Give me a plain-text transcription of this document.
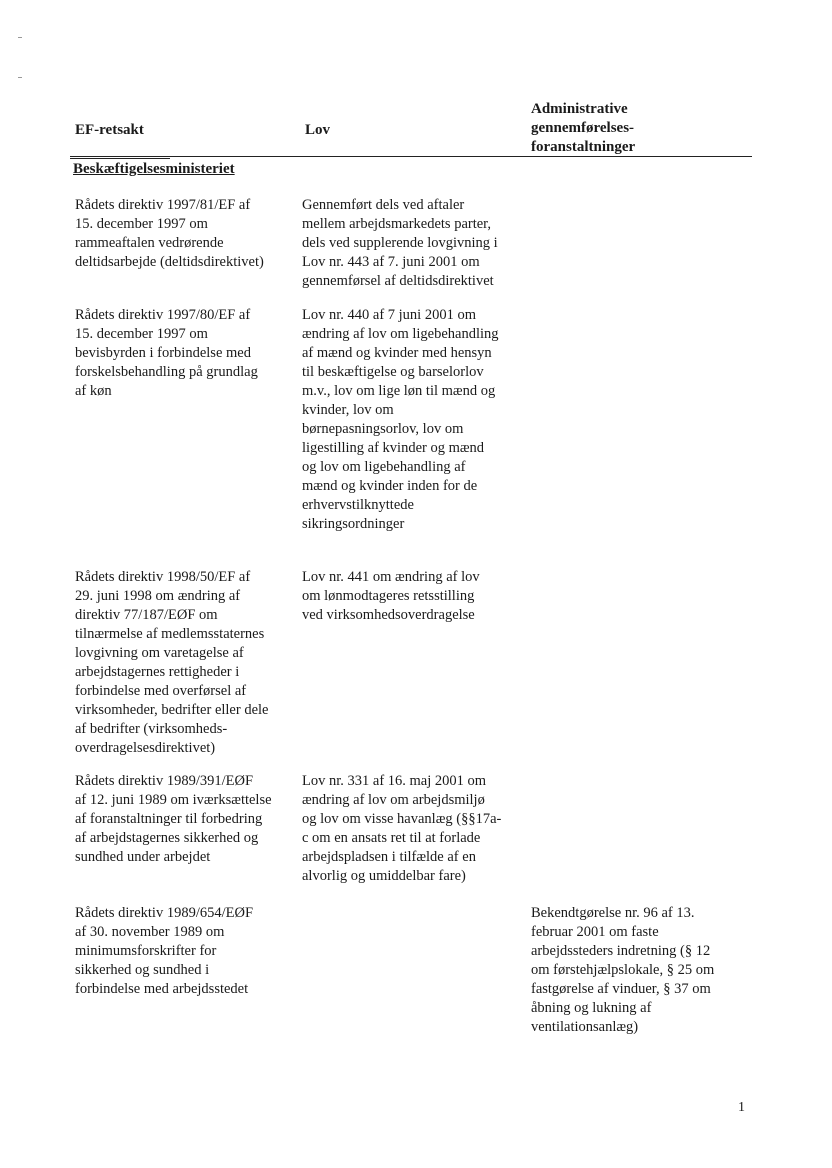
EF-retsakt	Lov
Administrative
gennemførelses-
foranstaltninger
Beskæftigelsesministeriet
Rådets direktiv 1997/81/EF af
15. december 1997 om
rammeaftalen vedrørende
deltidsarbejde (deltidsdirektivet)
Gennemført dels ved aftaler
mellem arbejdsmarkedets parter,
dels ved supplerende lovgivning i
Lov nr. 443 af 7. juni 2001 om
gennemførsel af deltidsdirektivet
Rådets direktiv 1997/80/EF af
15. december 1997 om
bevisbyrden i forbindelse med
forskelsbehandling på grundlag
af køn
Lov nr. 440 af 7 juni 2001 om
ændring af lov om ligebehandling
af mænd og kvinder med hensyn
til beskæftigelse og barselorlov
m.v., lov om lige løn til mænd og
kvinder, lov om
børnepasningsorlov, lov om
ligestilling af kvinder og mænd
og lov om ligebehandling af
mænd og kvinder inden for de
erhvervstilknyttede
sikringsordninger
Rådets direktiv 1998/50/EF af
29. juni 1998 om ændring af
direktiv 77/187/EØF om
tilnærmelse af medlemsstaternes
lovgivning om varetagelse af
arbejdstagernes rettigheder i
forbindelse med overførsel af
virksomheder, bedrifter eller dele
af bedrifter (virksomheds-
overdragelsesdirektivet)
Lov nr. 441 om ændring af lov
om lønmodtageres retsstilling
ved virksomhedsoverdragelse
Rådets direktiv 1989/391/EØF
af 12. juni 1989 om iværksættelse
af foranstaltninger til forbedring
af arbejdstagernes sikkerhed og
sundhed under arbejdet
Lov nr. 331 af 16. maj 2001 om
ændring af lov om arbejdsmiljø
og lov om visse havanlæg (§§17a-
c om en ansats ret til at forlade
arbejdspladsen i tilfælde af en
alvorlig og umiddelbar fare)
Rådets direktiv 1989/654/EØF
af 30. november 1989 om
minimumsforskrifter for
sikkerhed og sundhed i
forbindelse med arbejdsstedet
Bekendtgørelse nr. 96 af 13.
februar 2001 om faste
arbejdssteders indretning (§ 12
om førstehjælpslokale, § 25 om
fastgørelse af vinduer, § 37 om
åbning og lukning af
ventilationsanlæg)
1
